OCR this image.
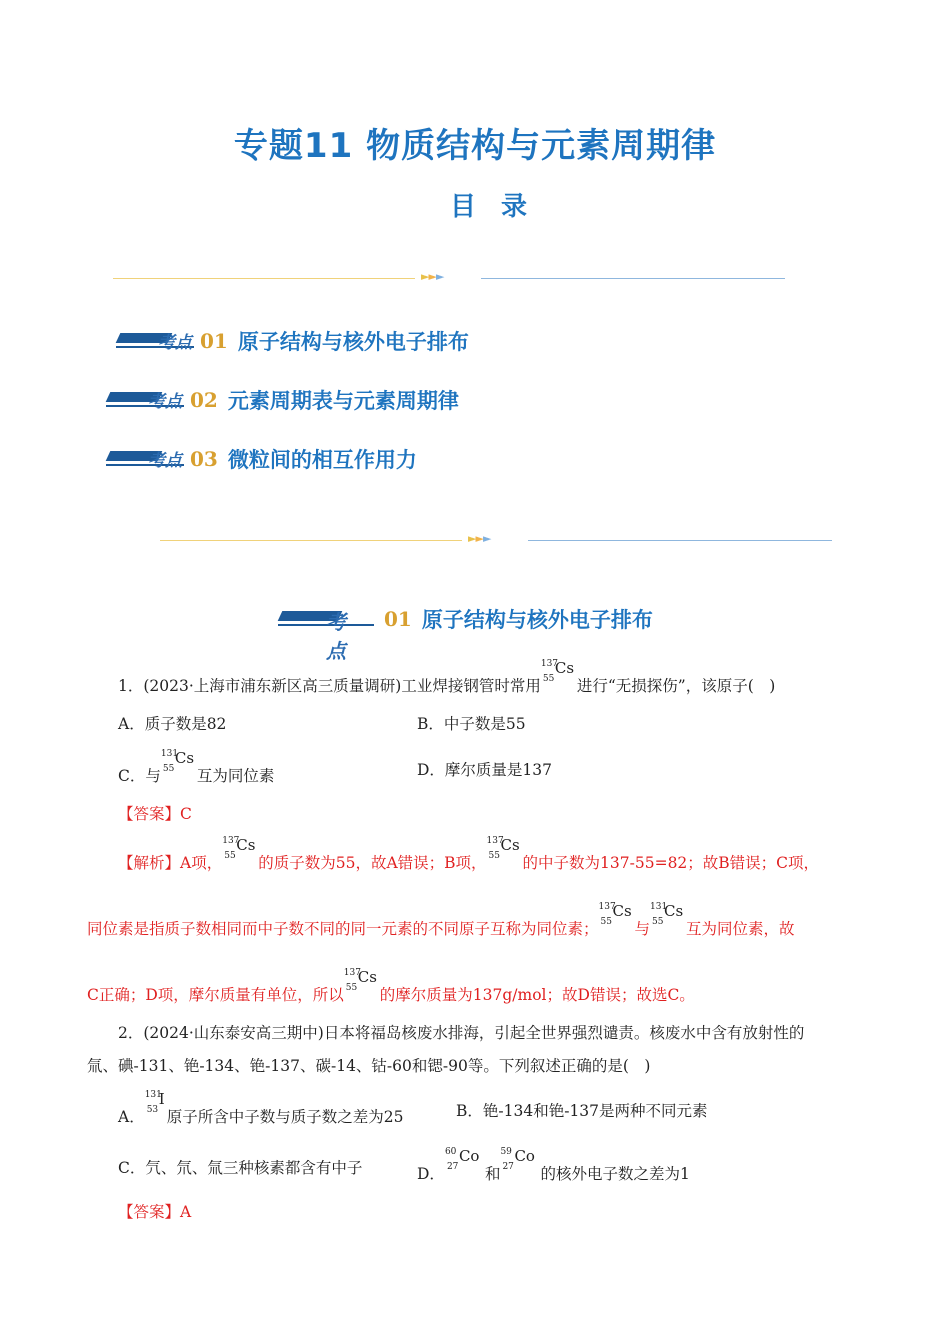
专题11 物质结构与元素周期律
目 录
►►►
考点 01 原子结构与核外电子排布
考点 02 元素周期表与元素周期律
考点 03 微粒间的相互作用力
►►►
考点
01 原子结构与核外电子排布
1．(2023·上海市浦东新区高三质量调研)工业焊接钢管时常用
137
55
Cs
进行“无损探伤”，该原子(　)
A．质子数是82	B．中子数是55
C．与
131
55
Cs
互为同位素	D．摩尔质量是137
【答案】C
【解析】A项，
137
55
Cs
的质子数为55，故A错误；B项，
137
55
Cs
的中子数为137-55=82；故B错误；C项，
同位素是指质子数相同而中子数不同的同一元素的不同原子互称为同位素；
137
55
Cs
与
131
55
Cs
互为同位素，故
C正确；D项，摩尔质量有单位，所以
137
55
Cs
的摩尔质量为137g/mol；故D错误；故选C。
2．(2024·山东泰安高三期中)日本将福岛核废水排海，引起全世界强烈谴责。核废水中含有放射性的
氚、碘-131、铯-134、铯-137、碳-14、钴-60和锶-90等。下列叙述正确的是(　)
A．
131
53
I
原子所含中子数与质子数之差为25	B．铯-134和铯-137是两种不同元素
C．氕、氘、氚三种核素都含有中子	D．
60
27
Co
和
59
27
Co
的核外电子数之差为1
【答案】A
